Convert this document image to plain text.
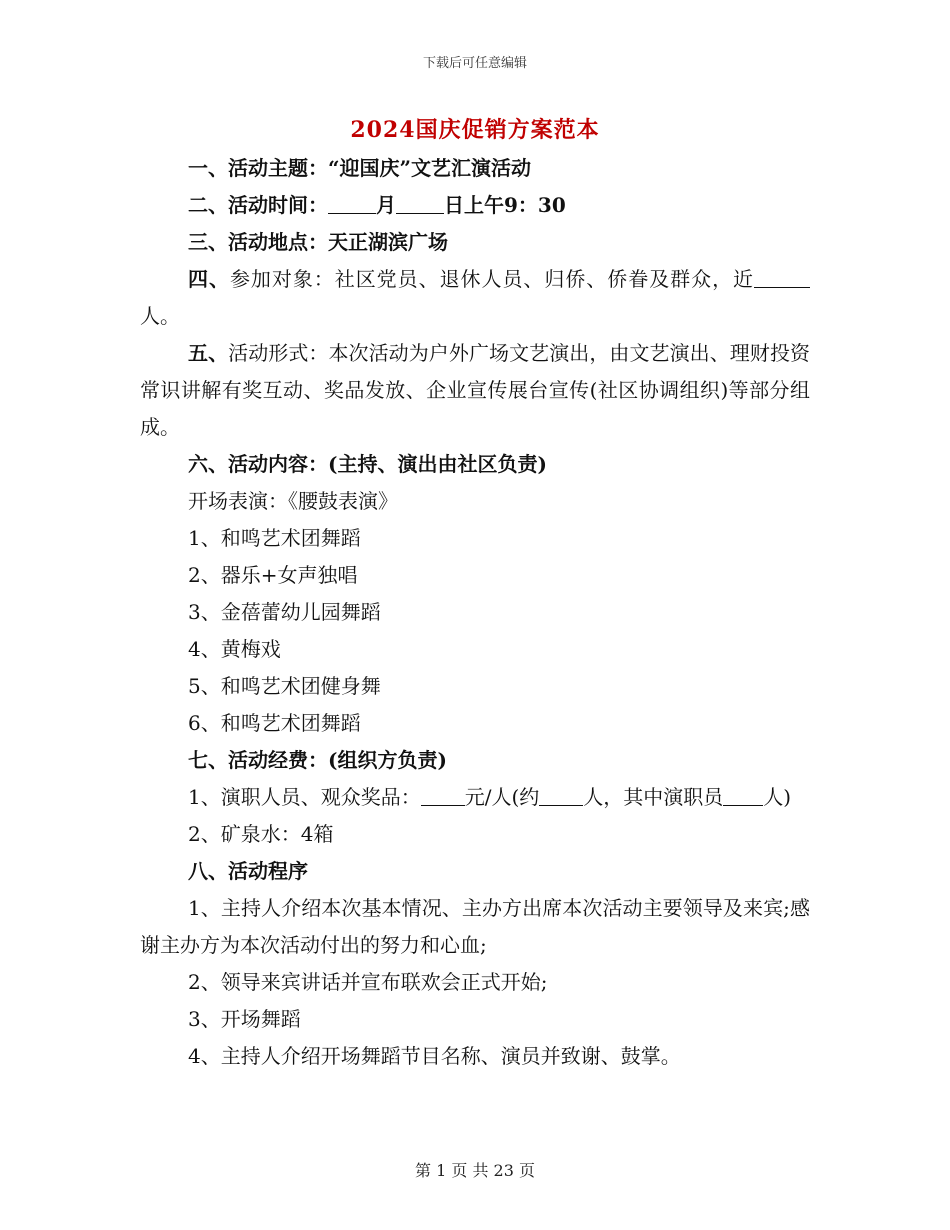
下载后可任意编辑
2024国庆促销方案范本

一、活动主题：“迎国庆”文艺汇演活动

二、活动时间： 月 日上午9：30

三、活动地点：天正湖滨广场

四、参加对象：社区党员、退休人员、归侨、侨眷及群众，近人。

五、活动形式：本次活动为户外广场文艺演出，由文艺演出、理财投资常识讲解有奖互动、奖品发放、企业宣传展台宣传(社区协调组织)等部分组成。

六、活动内容：(主持、演出由社区负责)

开场表演：《腰鼓表演》

1、和鸣艺术团舞蹈

2、器乐+女声独唱

3、金蓓蕾幼儿园舞蹈

4、黄梅戏

5、和鸣艺术团健身舞

6、和鸣艺术团舞蹈

七、活动经费：(组织方负责)

1、演职人员、观众奖品： 元/人(约 人，其中演职员 人)

2、矿泉水：4箱

八、活动程序

1、主持人介绍本次基本情况、主办方出席本次活动主要领导及来宾;感谢主办方为本次活动付出的努力和心血;

2、领导来宾讲话并宣布联欢会正式开始;

3、开场舞蹈

4、主持人介绍开场舞蹈节目名称、演员并致谢、鼓掌。

第 1 页 共 23 页
